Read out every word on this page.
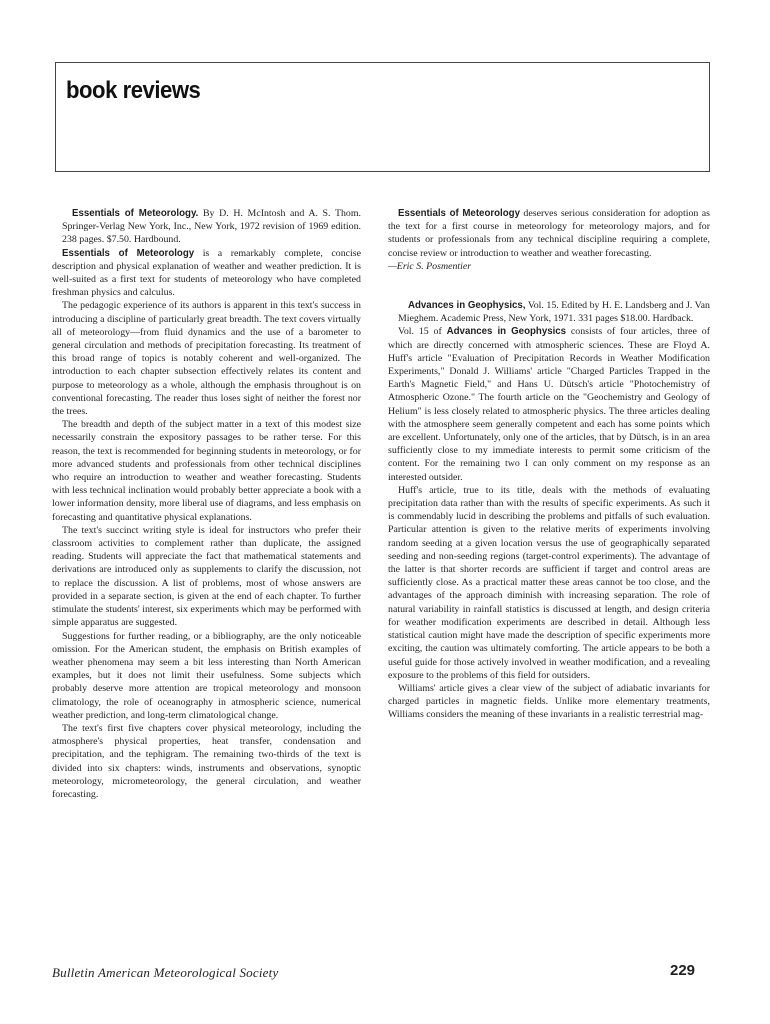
book reviews

Essentials of Meteorology. By D. H. McIntosh and A. S. Thom. Springer-Verlag New York, Inc., New York, 1972 revision of 1969 edition. 238 pages. $7.50. Hardbound.

Essentials of Meteorology is a remarkably complete, concise description and physical explanation of weather and weather prediction. It is well-suited as a first text for students of meteorology who have completed freshman physics and calculus.

The pedagogic experience of its authors is apparent in this text's success in introducing a discipline of particularly great breadth. The text covers virtually all of meteorology—from fluid dynamics and the use of a barometer to general circulation and methods of precipitation forecasting. Its treatment of this broad range of topics is notably coherent and well-organized. The introduction to each chapter subsection effectively relates its content and purpose to meteorology as a whole, although the emphasis throughout is on conventional forecasting. The reader thus loses sight of neither the forest nor the trees.

The breadth and depth of the subject matter in a text of this modest size necessarily constrain the expository passages to be rather terse. For this reason, the text is recommended for beginning students in meteorology, or for more advanced students and professionals from other technical disciplines who require an introduction to weather and weather forecasting. Students with less technical inclination would probably better appreciate a book with a lower information density, more liberal use of diagrams, and less emphasis on forecasting and quantitative physical explanations.

The text's succinct writing style is ideal for instructors who prefer their classroom activities to complement rather than duplicate, the assigned reading. Students will appreciate the fact that mathematical statements and derivations are introduced only as supplements to clarify the discussion, not to replace the discussion. A list of problems, most of whose answers are provided in a separate section, is given at the end of each chapter. To further stimulate the students' interest, six experiments which may be performed with simple apparatus are suggested.

Suggestions for further reading, or a bibliography, are the only noticeable omission. For the American student, the emphasis on British examples of weather phenomena may seem a bit less interesting than North American examples, but it does not limit their usefulness. Some subjects which probably deserve more attention are tropical meteorology and monsoon climatology, the role of oceanography in atmospheric science, numerical weather prediction, and long-term climatological change.

The text's first five chapters cover physical meteorology, including the atmosphere's physical properties, heat transfer, condensation and precipitation, and the tephigram. The remaining two-thirds of the text is divided into six chapters: winds, instruments and observations, synoptic meteorology, micrometeorology, the general circulation, and weather forecasting.

Essentials of Meteorology deserves serious consideration for adoption as the text for a first course in meteorology for meteorology majors, and for students or professionals from any technical discipline requiring a complete, concise review or introduction to weather and weather forecasting.

—Eric S. Posmentier

Advances in Geophysics, Vol. 15. Edited by H. E. Landsberg and J. Van Mieghem. Academic Press, New York, 1971. 331 pages $18.00. Hardback.

Vol. 15 of Advances in Geophysics consists of four articles, three of which are directly concerned with atmospheric sciences. These are Floyd A. Huff's article "Evaluation of Precipitation Records in Weather Modification Experiments," Donald J. Williams' article "Charged Particles Trapped in the Earth's Magnetic Field," and Hans U. Dütsch's article "Photochemistry of Atmospheric Ozone." The fourth article on the "Geochemistry and Geology of Helium" is less closely related to atmospheric physics. The three articles dealing with the atmosphere seem generally competent and each has some points which are excellent. Unfortunately, only one of the articles, that by Dütsch, is in an area sufficiently close to my immediate interests to permit some criticism of the content. For the remaining two I can only comment on my response as an interested outsider.

Huff's article, true to its title, deals with the methods of evaluating precipitation data rather than with the results of specific experiments. As such it is commendably lucid in describing the problems and pitfalls of such evaluation. Particular attention is given to the relative merits of experiments involving random seeding at a given location versus the use of geographically separated seeding and non-seeding regions (target-control experiments). The advantage of the latter is that shorter records are sufficient if target and control areas are sufficiently close. As a practical matter these areas cannot be too close, and the advantages of the approach diminish with increasing separation. The role of natural variability in rainfall statistics is discussed at length, and design criteria for weather modification experiments are described in detail. Although less statistical caution might have made the description of specific experiments more exciting, the caution was ultimately comforting. The article appears to be both a useful guide for those actively involved in weather modification, and a revealing exposure to the problems of this field for outsiders.

Williams' article gives a clear view of the subject of adiabatic invariants for charged particles in magnetic fields. Unlike more elementary treatments, Williams considers the meaning of these invariants in a realistic terrestrial mag-

Bulletin American Meteorological Society	229
